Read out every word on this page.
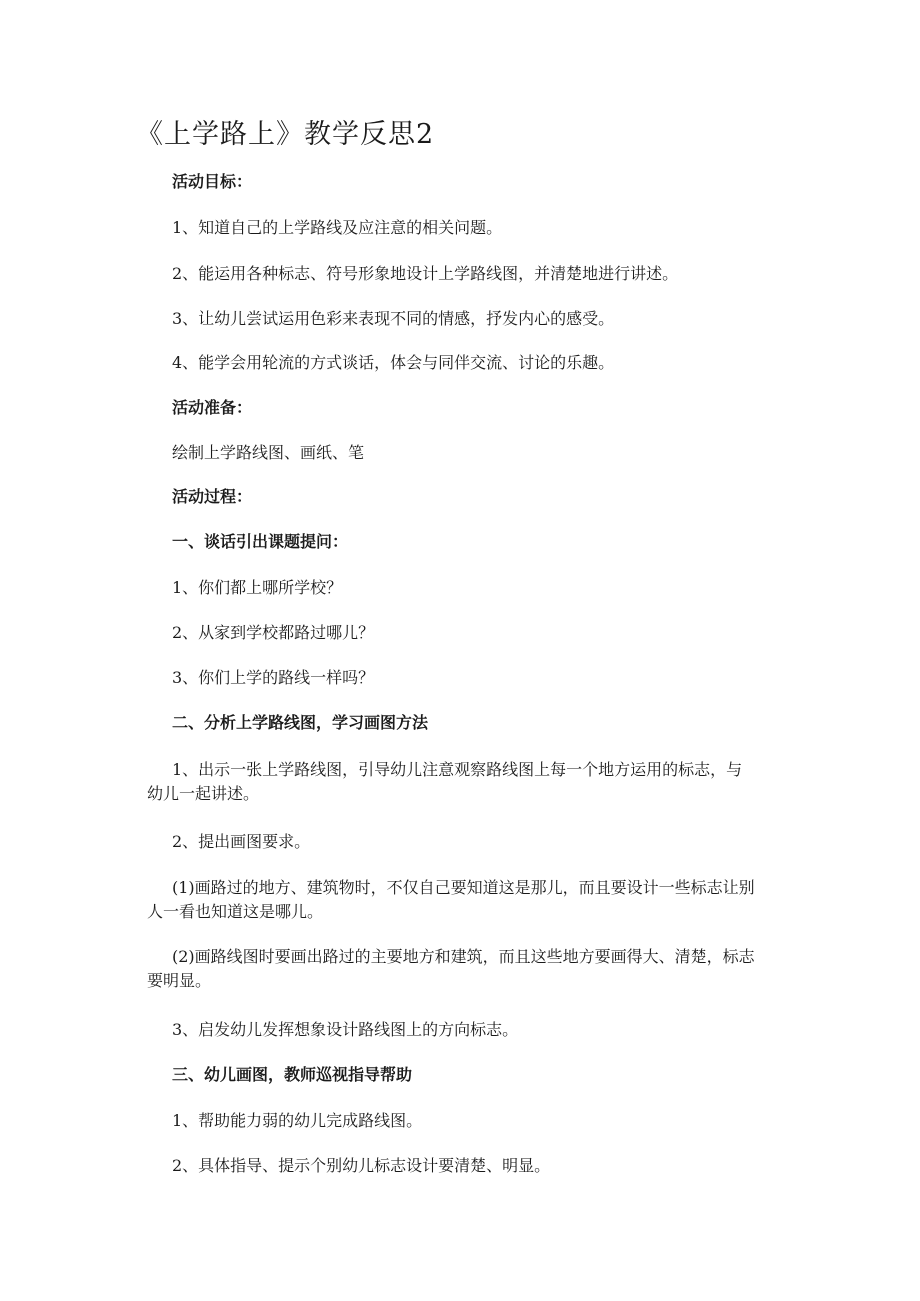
《上学路上》教学反思2
活动目标：
1、知道自己的上学路线及应注意的相关问题。
2、能运用各种标志、符号形象地设计上学路线图，并清楚地进行讲述。
3、让幼儿尝试运用色彩来表现不同的情感，抒发内心的感受。
4、能学会用轮流的方式谈话，体会与同伴交流、讨论的乐趣。
活动准备：
绘制上学路线图、画纸、笔
活动过程：
一、谈话引出课题提问：
1、你们都上哪所学校？
2、从家到学校都路过哪儿？
3、你们上学的路线一样吗？
二、分析上学路线图，学习画图方法
1、出示一张上学路线图，引导幼儿注意观察路线图上每一个地方运用的标志，与
幼儿一起讲述。
2、提出画图要求。
(1)画路过的地方、建筑物时，不仅自己要知道这是那儿，而且要设计一些标志让别
人一看也知道这是哪儿。
(2)画路线图时要画出路过的主要地方和建筑，而且这些地方要画得大、清楚，标志
要明显。
3、启发幼儿发挥想象设计路线图上的方向标志。
三、幼儿画图，教师巡视指导帮助
1、帮助能力弱的幼儿完成路线图。
2、具体指导、提示个别幼儿标志设计要清楚、明显。
